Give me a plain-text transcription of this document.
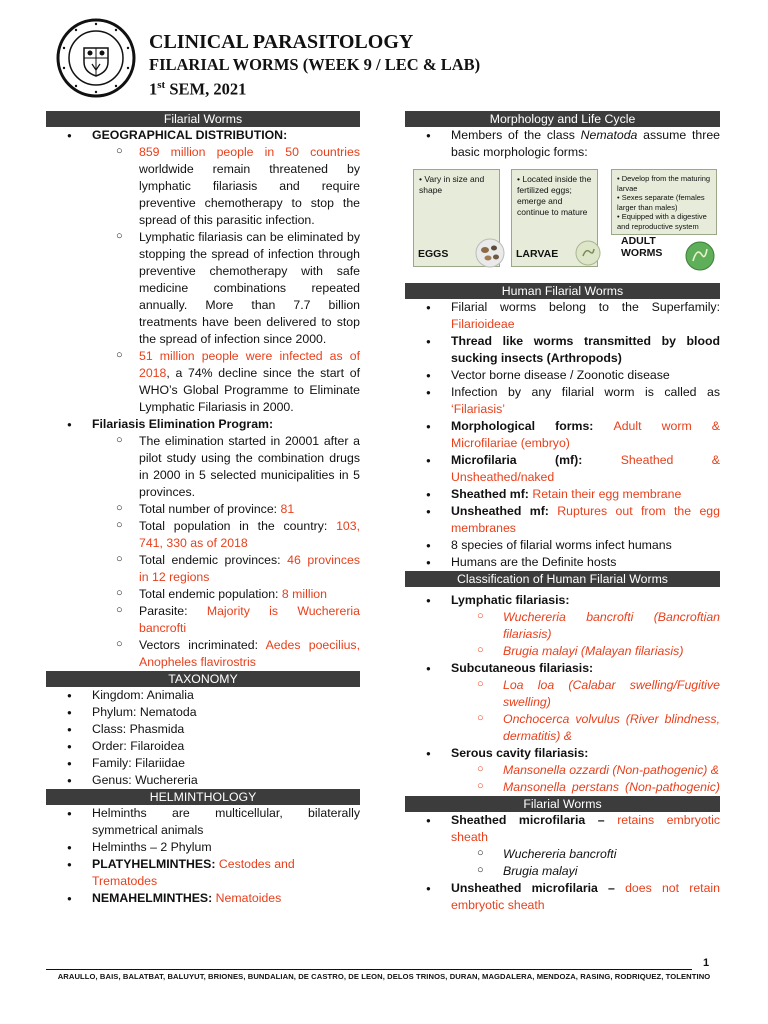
CLINICAL PARASITOLOGY
FILARIAL WORMS (WEEK 9 / LEC & LAB)
1st SEM, 2021
Filarial Worms
● GEOGRAPHICAL DISTRIBUTION:
○ 859 million people in 50 countries worldwide remain threatened by lymphatic filariasis and require preventive chemotherapy to stop the spread of this parasitic infection.
○ Lymphatic filariasis can be eliminated by stopping the spread of infection through preventive chemotherapy with safe medicine combinations repeated annually. More than 7.7 billion treatments have been delivered to stop the spread of infection since 2000.
○ 51 million people were infected as of 2018, a 74% decline since the start of WHO’s Global Programme to Eliminate Lymphatic Filariasis in 2000.
● Filariasis Elimination Program:
○ The elimination started in 20001 after a pilot study using the combination drugs in 2000 in 5 selected municipalities in 5 provinces.
○ Total number of province: 81
○ Total population in the country: 103, 741, 330 as of 2018
○ Total endemic provinces: 46 provinces in 12 regions
○ Total endemic population: 8 million
○ Parasite: Majority is Wuchereria bancrofti
○ Vectors incriminated: Aedes poecilius, Anopheles flavirostris
TAXONOMY
● Kingdom: Animalia
● Phylum: Nematoda
● Class: Phasmida
● Order: Filaroidea
● Family: Filariidae
● Genus: Wuchereria
HELMINTHOLOGY
● Helminths are multicellular, bilaterally symmetrical animals
● Helminths – 2 Phylum
● PLATYHELMINTHES: Cestodes and Trematodes
● NEMAHELMINTHES: Nematoides
Morphology and Life Cycle
● Members of the class Nematoda assume three basic morphologic forms:
• Vary in size and shape
EGGS
• Located inside the fertilized eggs; emerge and continue to mature
LARVAE
• Develop from the maturing larvae
• Sexes separate (females larger than males)
• Equipped with a digestive and reproductive system
ADULT WORMS
Human Filarial Worms
● Filarial worms belong to the Superfamily: Filarioideae
● Thread like worms transmitted by blood sucking insects (Arthropods)
● Vector borne disease / Zoonotic disease
● Infection by any filarial worm is called as ‘Filariasis’
● Morphological forms: Adult worm & Microfilariae (embryo)
● Microfilaria (mf): Sheathed & Unsheathed/naked
● Sheathed mf: Retain their egg membrane
● Unsheathed mf: Ruptures out from the egg membranes
● 8 species of filarial worms infect humans
● Humans are the Definite hosts
Classification of Human Filarial Worms
● Lymphatic filariasis:
○ Wuchereria bancrofti (Bancroftian filariasis)
○ Brugia malayi (Malayan filariasis)
● Subcutaneous filariasis:
○ Loa loa (Calabar swelling/Fugitive swelling)
○ Onchocerca volvulus (River blindness, dermatitis) &
● Serous cavity filariasis:
○ Mansonella ozzardi (Non-pathogenic) &
○ Mansonella perstans (Non-pathogenic)
Filarial Worms
● Sheathed microfilaria – retains embryotic sheath
○ Wuchereria bancrofti
○ Brugia malayi
● Unsheathed microfilaria – does not retain embryotic sheath
1
ARAULLO, BAIS, BALATBAT, BALUYUT, BRIONES, BUNDALIAN, DE CASTRO, DE LEON, DELOS TRINOS, DURAN, MAGDALERA, MENDOZA, RASING, RODRIQUEZ, TOLENTINO
